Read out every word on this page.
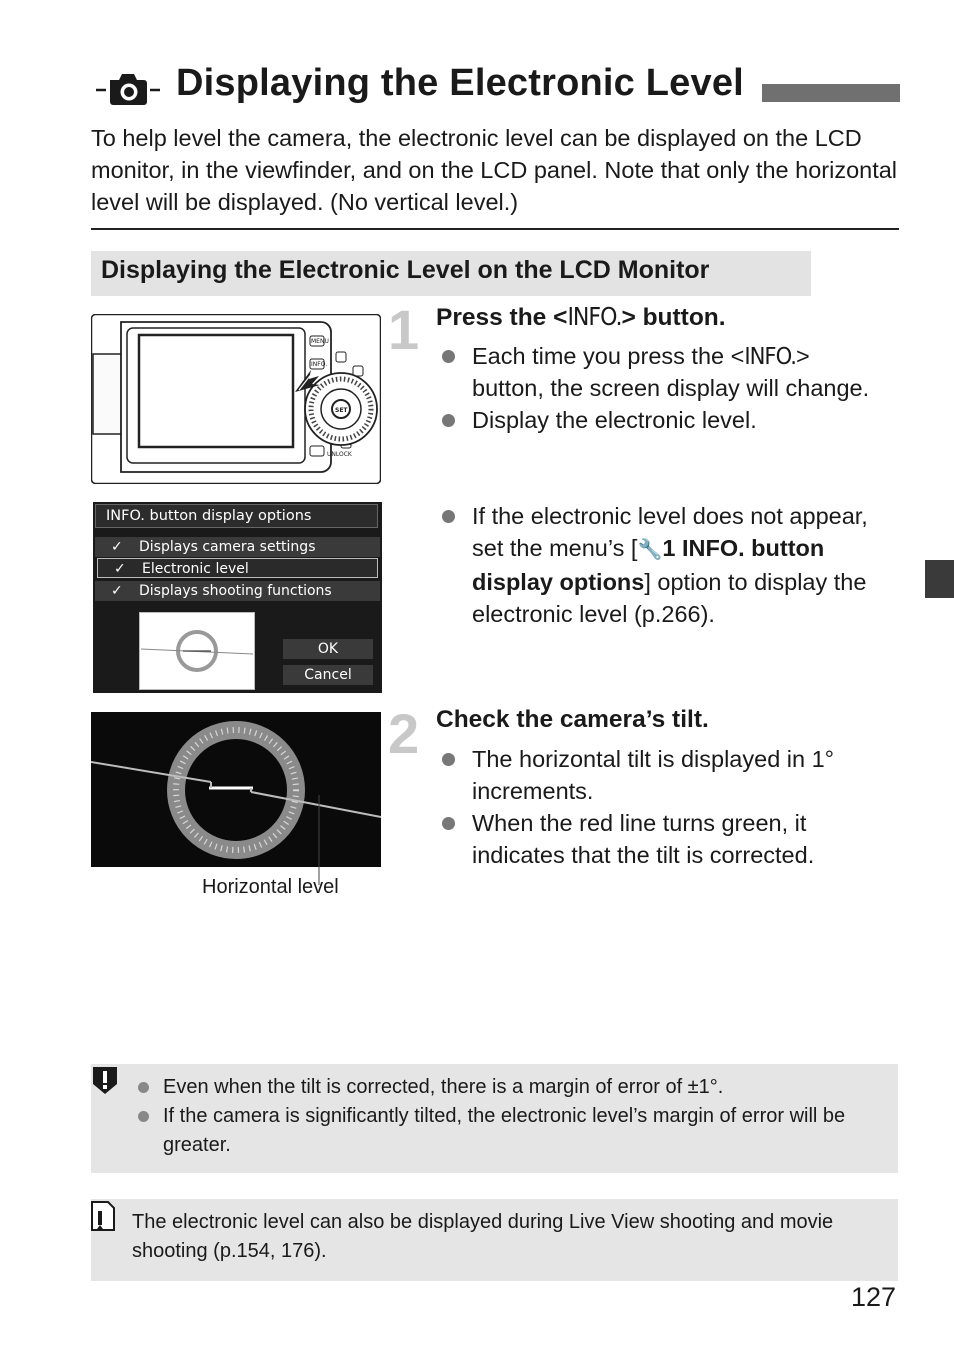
Displaying the Electronic Level
To help level the camera, the electronic level can be displayed on the LCD monitor, in the viewfinder, and on the LCD panel. Note that only the horizontal level will be displayed. (No vertical level.)
Displaying the Electronic Level on the LCD Monitor
MENU
INFO.
UNLOCK
SET
1 Press the <INFO.> button.
Each time you press the <INFO.> button, the screen display will change.
Display the electronic level.
If the electronic level does not appear, set the menu’s [🔧1 INFO. button display options] option to display the electronic level (p.266).
INFO. button display options
✓ Displays camera settings
✓ Electronic level
✓ Displays shooting functions
OK
Cancel
2 Check the camera’s tilt.
The horizontal tilt is displayed in 1° increments.
When the red line turns green, it indicates that the tilt is corrected.
Horizontal level
Even when the tilt is corrected, there is a margin of error of ±1°.
If the camera is significantly tilted, the electronic level’s margin of error will be greater.
The electronic level can also be displayed during Live View shooting and movie shooting (p.154, 176).
127
